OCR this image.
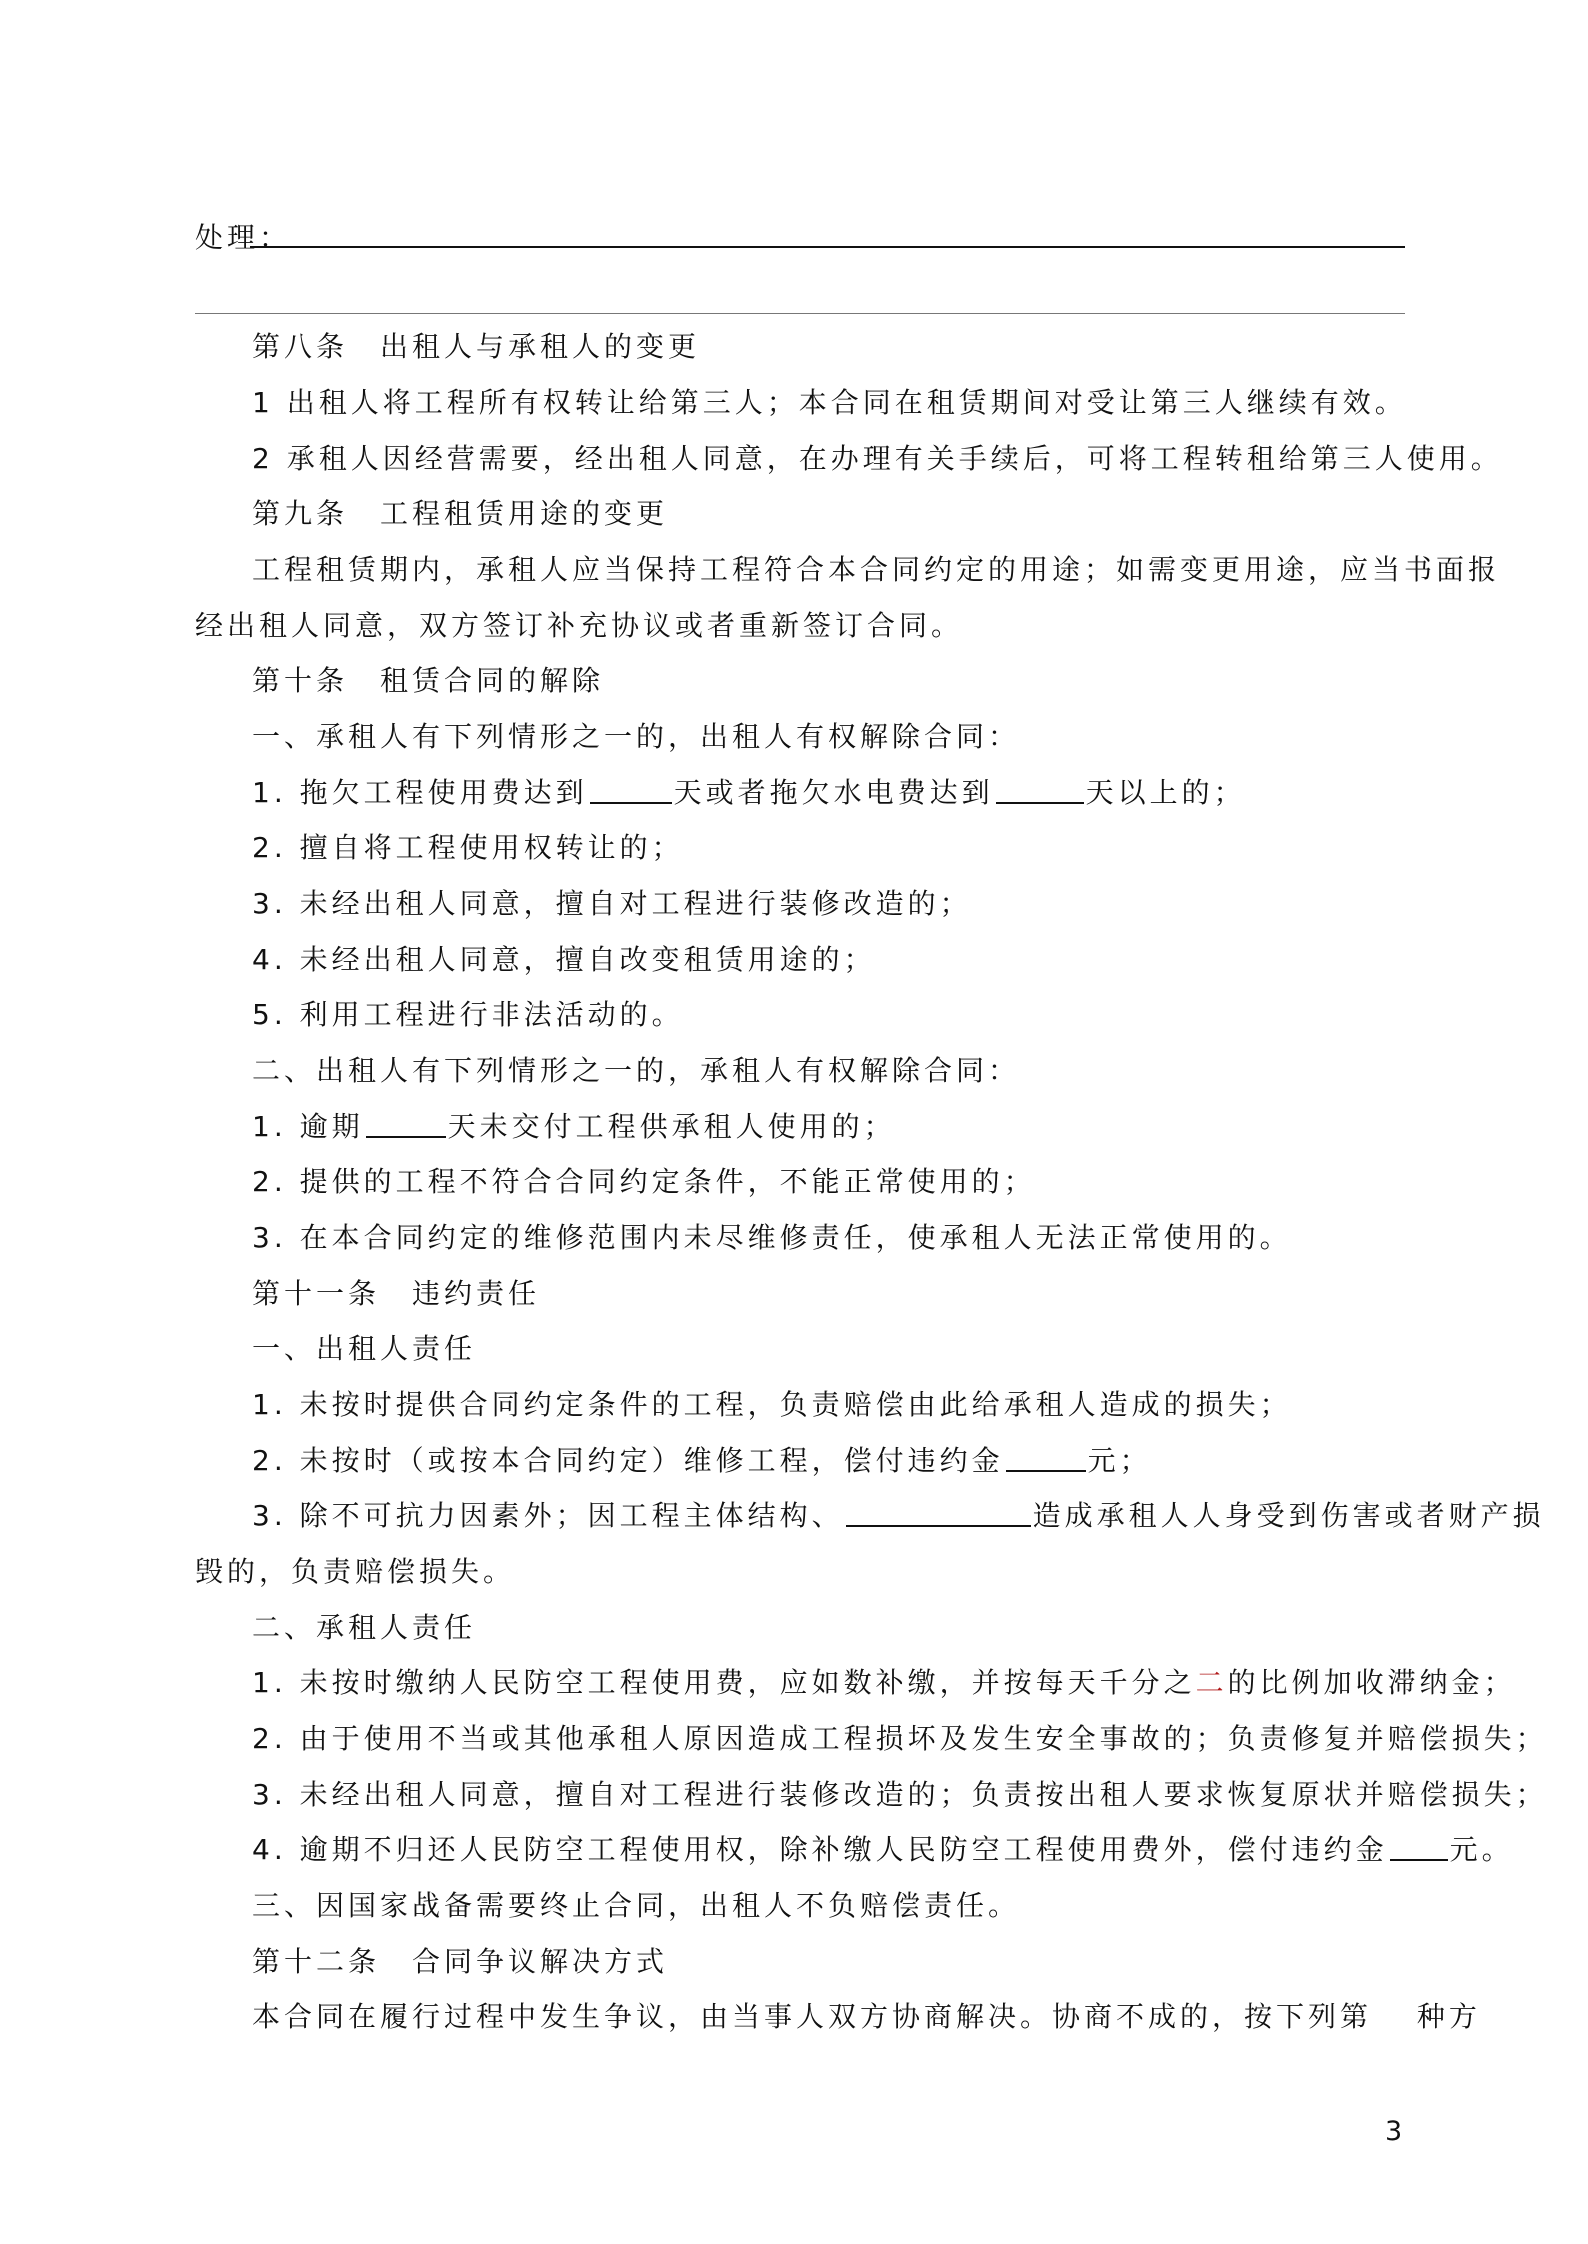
处理：
第八条　出租人与承租人的变更
1 出租人将工程所有权转让给第三人；本合同在租赁期间对受让第三人继续有效。
2 承租人因经营需要，经出租人同意，在办理有关手续后，可将工程转租给第三人使用。
第九条　工程租赁用途的变更
工程租赁期内，承租人应当保持工程符合本合同约定的用途；如需变更用途，应当书面报
经出租人同意，双方签订补充协议或者重新签订合同。
第十条　租赁合同的解除
一、承租人有下列情形之一的，出租人有权解除合同：
1. 拖欠工程使用费达到	天或者拖欠水电费达到	天以上的；
2. 擅自将工程使用权转让的；
3. 未经出租人同意，擅自对工程进行装修改造的；
4. 未经出租人同意，擅自改变租赁用途的；
5. 利用工程进行非法活动的。
二、出租人有下列情形之一的，承租人有权解除合同：
1. 逾期	天未交付工程供承租人使用的；
2. 提供的工程不符合合同约定条件，不能正常使用的；
3. 在本合同约定的维修范围内未尽维修责任，使承租人无法正常使用的。
第十一条　违约责任
一、出租人责任
1. 未按时提供合同约定条件的工程，负责赔偿由此给承租人造成的损失；
2. 未按时（或按本合同约定）维修工程，偿付违约金	元；
3. 除不可抗力因素外；因工程主体结构、	造成承租人人身受到伤害或者财产损
毁的，负责赔偿损失。
二、承租人责任
1. 未按时缴纳人民防空工程使用费，应如数补缴，并按每天千分之二的比例加收滞纳金；
2. 由于使用不当或其他承租人原因造成工程损坏及发生安全事故的；负责修复并赔偿损失；
3. 未经出租人同意，擅自对工程进行装修改造的；负责按出租人要求恢复原状并赔偿损失；
4. 逾期不归还人民防空工程使用权，除补缴人民防空工程使用费外，偿付违约金 元。
三、因国家战备需要终止合同，出租人不负赔偿责任。
第十二条　合同争议解决方式
本合同在履行过程中发生争议，由当事人双方协商解决。协商不成的，按下列第　 种方
3
